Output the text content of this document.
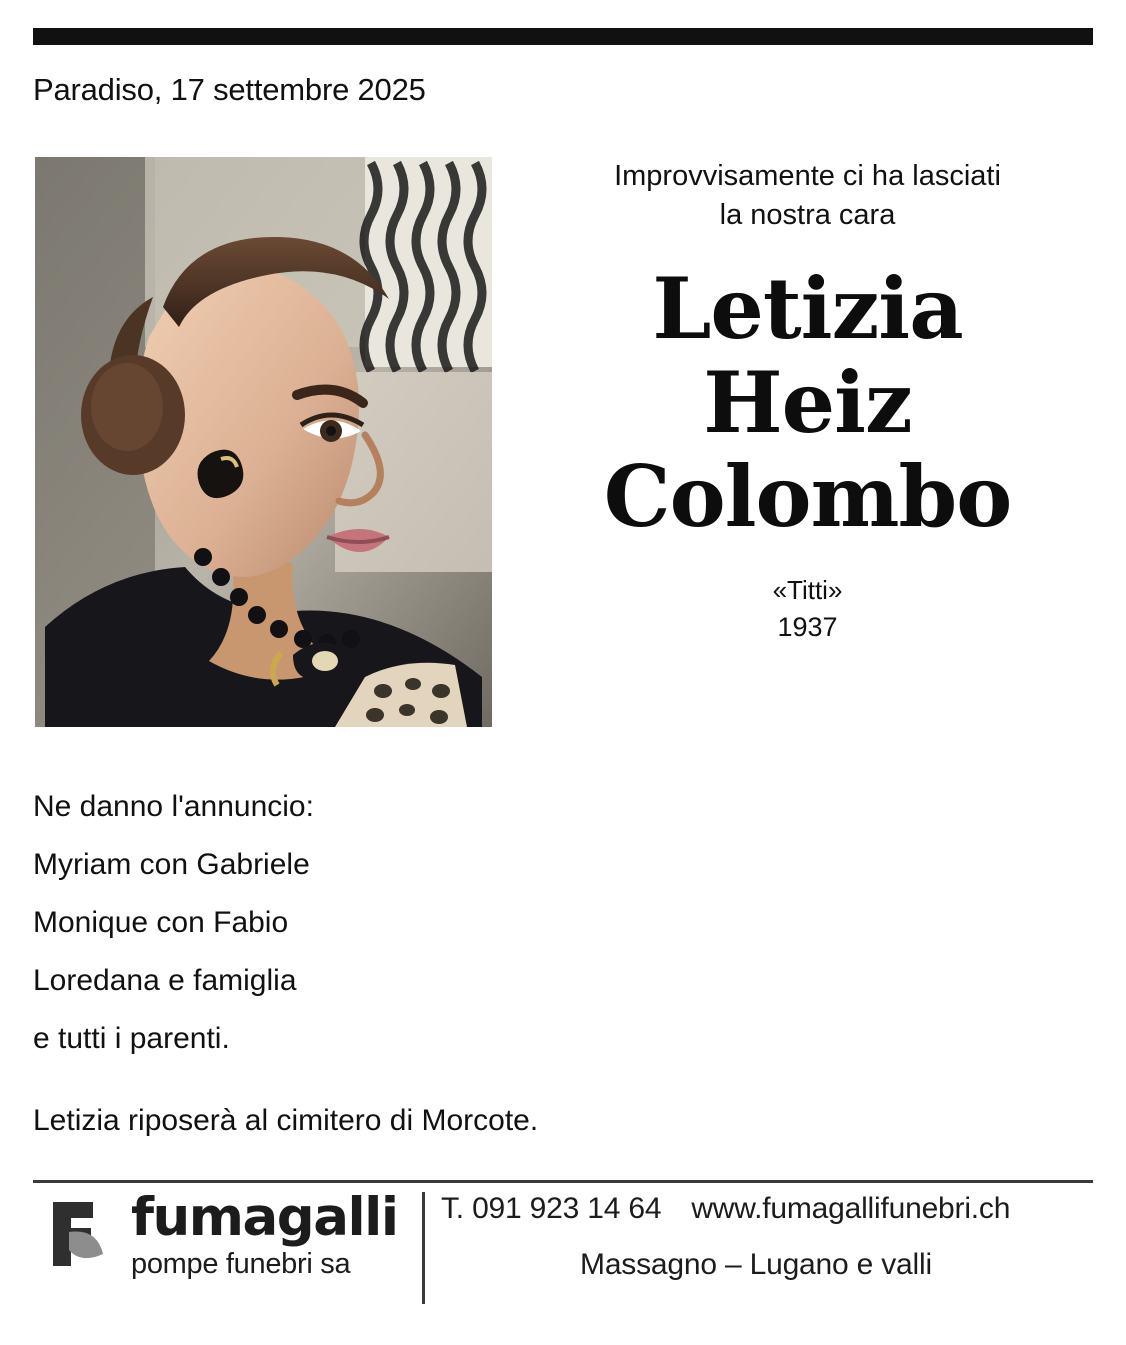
Paradiso, 17 settembre 2025
Improvvisamente ci ha lasciati
la nostra cara
Letizia
Heiz
Colombo
«Titti»
1937
Ne danno l'annuncio:
Myriam con Gabriele
Monique con Fabio
Loredana e famiglia
e tutti i parenti.
Letizia riposerà al cimitero di Morcote.
fumagalli
pompe funebri sa
T. 091 923 14 64 www.fumagallifunebri.ch
Massagno – Lugano e valli
